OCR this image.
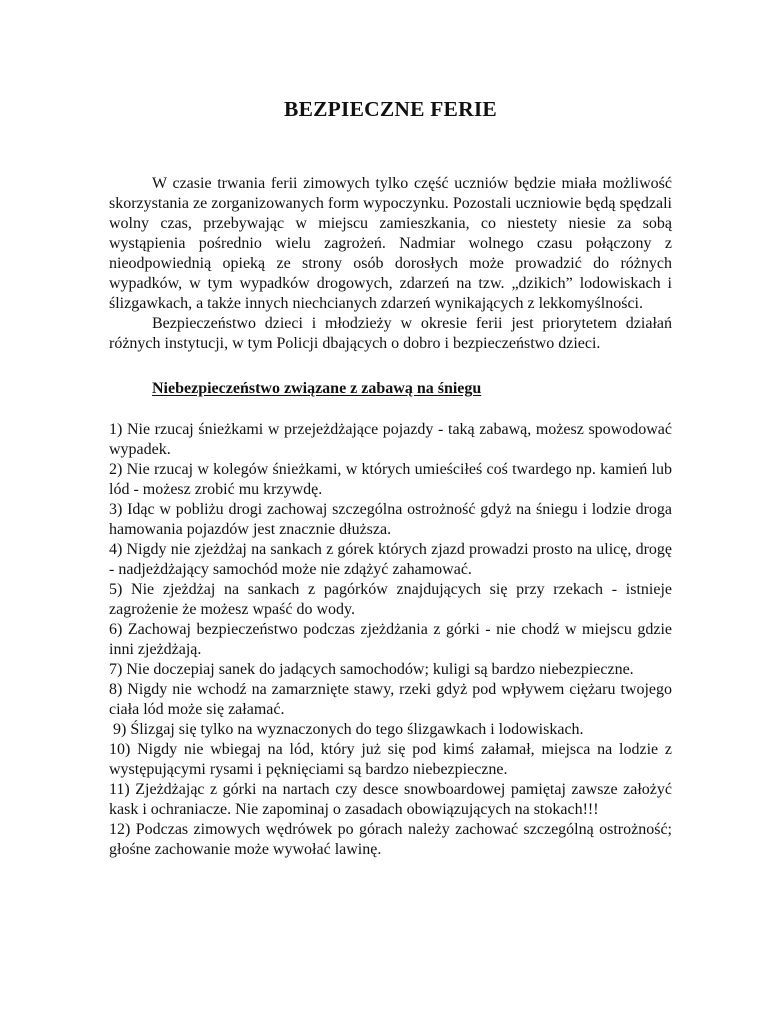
BEZPIECZNE FERIE

W czasie trwania ferii zimowych tylko część uczniów będzie miała możliwość skorzystania ze zorganizowanych form wypoczynku. Pozostali uczniowie będą spędzali wolny czas, przebywając w miejscu zamieszkania, co niestety niesie za sobą wystąpienia pośrednio wielu zagrożeń. Nadmiar wolnego czasu połączony z nieodpowiednią opieką ze strony osób dorosłych może prowadzić do różnych wypadków, w tym wypadków drogowych, zdarzeń na tzw. „dzikich” lodowiskach i ślizgawkach, a także innych niechcianych zdarzeń wynikających z lekkomyślności.

Bezpieczeństwo dzieci i młodzieży w okresie ferii jest priorytetem działań różnych instytucji, w tym Policji dbających o dobro i bezpieczeństwo dzieci.

Niebezpieczeństwo związane z zabawą na śniegu
1) Nie rzucaj śnieżkami w przejeżdżające pojazdy - taką zabawą, możesz spowodować wypadek.
2) Nie rzucaj w kolegów śnieżkami, w których umieściłeś coś twardego np. kamień lub lód - możesz zrobić mu krzywdę.
3) Idąc w pobliżu drogi zachowaj szczególna ostrożność gdyż na śniegu i lodzie droga hamowania pojazdów jest znacznie dłuższa.
4) Nigdy nie zjeżdżaj na sankach z górek których zjazd prowadzi prosto na ulicę, drogę - nadjeżdżający samochód może nie zdążyć zahamować.
5) Nie zjeżdżaj na sankach z pagórków znajdujących się przy rzekach - istnieje zagrożenie że możesz wpaść do wody.
6) Zachowaj bezpieczeństwo podczas zjeżdżania z górki - nie chodź w miejscu gdzie inni zjeżdżają.
7) Nie doczepiaj sanek do jadących samochodów; kuligi są bardzo niebezpieczne.
8) Nigdy nie wchodź na zamarznięte stawy, rzeki gdyż pod wpływem ciężaru twojego ciała lód może się załamać.
9) Ślizgaj się tylko na wyznaczonych do tego ślizgawkach i lodowiskach.
10) Nigdy nie wbiegaj na lód, który już się pod kimś załamał, miejsca na lodzie z występującymi rysami i pęknięciami są bardzo niebezpieczne.
11) Zjeżdżając z górki na nartach czy desce snowboardowej pamiętaj zawsze założyć kask i ochraniacze. Nie zapominaj o zasadach obowiązujących na stokach!!!
12) Podczas zimowych wędrówek po górach należy zachować szczególną ostrożność; głośne zachowanie może wywołać lawinę.
